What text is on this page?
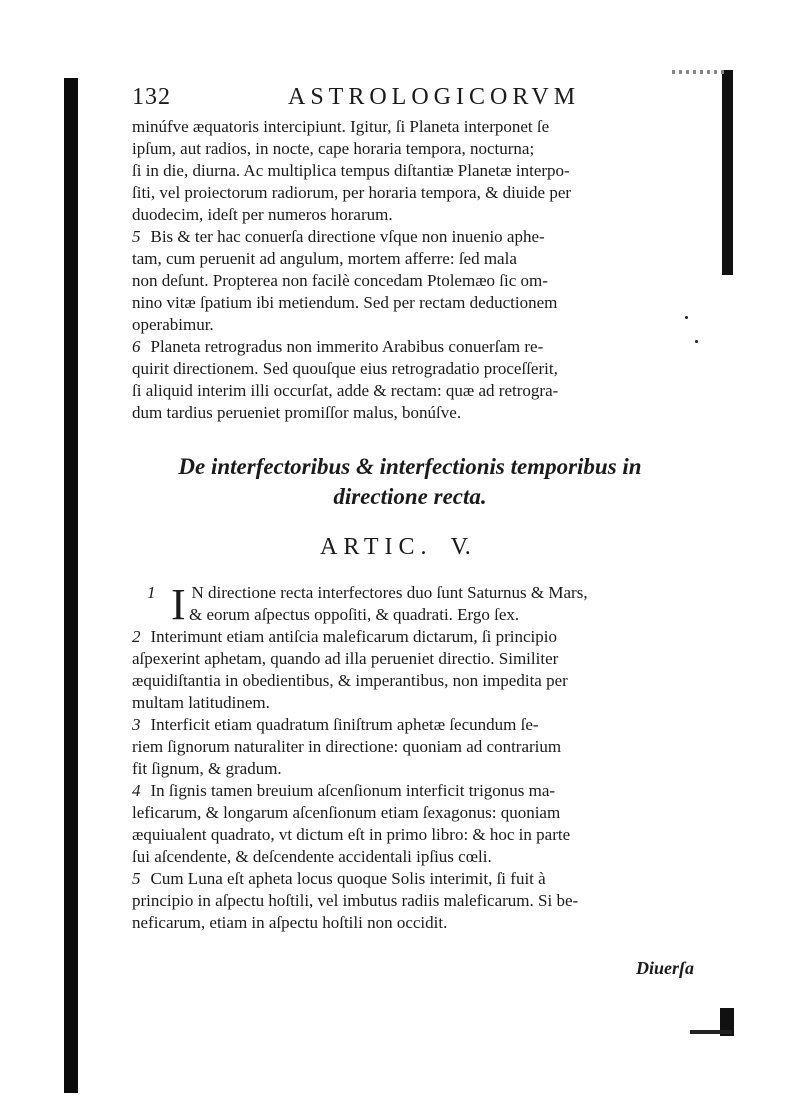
132	ASTROLOGICORVM
minúfve æquatoris intercipiunt. Igitur, ſi Planeta interponet ſe
ipſum, aut radios, in nocte, cape horaria tempora, nocturna;
ſi in die, diurna. Ac multiplica tempus diſtantiæ Planetæ interpo-
ſiti, vel proiectorum radiorum, per horaria tempora, & diuide per
duodecim, ideſt per numeros horarum.
5 Bis & ter hac conuerſa directione vſque non inuenio aphe-
tam, cum peruenit ad angulum, mortem afferre: ſed mala
non deſunt. Propterea non facilè concedam Ptolemæo ſic om-
nino vitæ ſpatium ibi metiendum. Sed per rectam deductionem
operabimur.
6 Planeta retrogradus non immerito Arabibus conuerſam re-
quirit directionem. Sed quouſque eius retrogradatio proceſſerit,
ſi aliquid interim illi occurſat, adde & rectam: quæ ad retrogra-
dum tardius perueniet promiſſor malus, bonúſve.
De interfectoribus & interfectionis temporibus in
directione recta.
ARTIC. V.
I
1 N directione recta interfectores duo ſunt Saturnus & Mars,
& eorum aſpectus oppoſiti, & quadrati. Ergo ſex.
2 Interimunt etiam antiſcia maleficarum dictarum, ſi principio
aſpexerint aphetam, quando ad illa perueniet directio. Similiter
æquidiſtantia in obedientibus, & imperantibus, non impedita per
multam latitudinem.
3 Interficit etiam quadratum ſiniſtrum aphetæ ſecundum ſe-
riem ſignorum naturaliter in directione: quoniam ad contrarium
fit ſignum, & gradum.
4 In ſignis tamen breuium aſcenſionum interficit trigonus ma-
leficarum, & longarum aſcenſionum etiam ſexagonus: quoniam
æquiualent quadrato, vt dictum eſt in primo libro: & hoc in parte
ſui aſcendente, & deſcendente accidentali ipſius cœli.
5 Cum Luna eſt apheta locus quoque Solis interimit, ſi fuit à
principio in aſpectu hoſtili, vel imbutus radiis maleficarum. Si be-
neficarum, etiam in aſpectu hoſtili non occidit.
Diuerſa
